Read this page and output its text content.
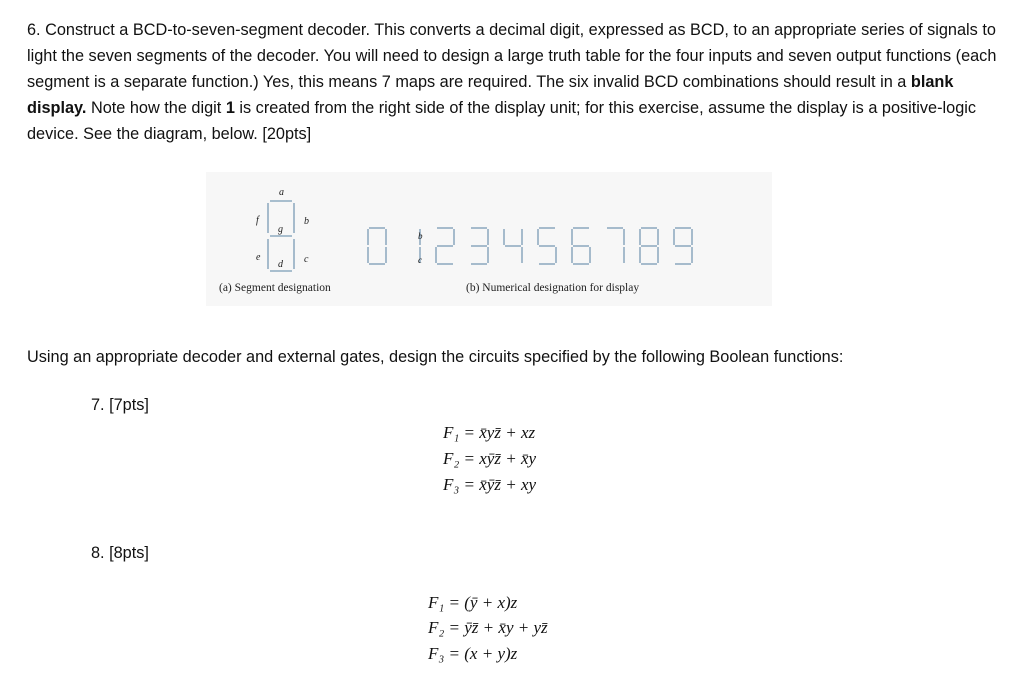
6. Construct a BCD-to-seven-segment decoder. This converts a decimal digit, expressed as BCD, to an appropriate series of signals to light the seven segments of the decoder. You will need to design a large truth table for the four inputs and seven output functions (each segment is a separate function.) Yes, this means 7 maps are required. The six invalid BCD combinations should result in a blank display. Note how the digit 1 is created from the right side of the display unit; for this exercise, assume the display is a positive-logic device. See the diagram, below. [20pts]

a
b
c
d
e
f
g
b
c
(a) Segment designation	(b) Numerical designation for display

Using an appropriate decoder and external gates, design the circuits specified by the following Boolean functions:

7. [7pts]

F₁ = x̄yz̄ + xz

F₂ = xȳz̄ + x̄y

F₃ = x̄ȳz̄ + xy

8. [8pts]

F₁ = (ȳ + x)z

F₂ = ȳz̄ + x̄y + yz̄

F₃ = (x + y)z
